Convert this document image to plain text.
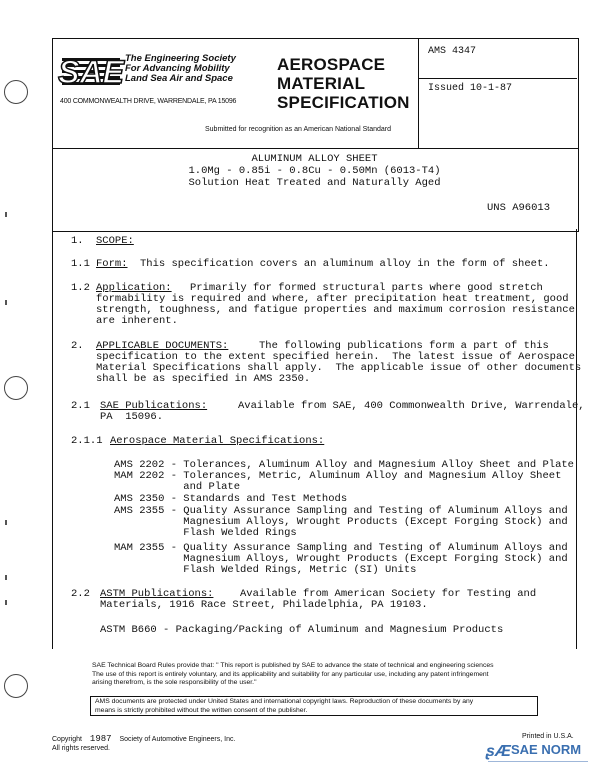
SAE The Engineering Society
For Advancing Mobility
Land Sea Air and Space
400 COMMONWEALTH DRIVE, WARRENDALE, PA 15096
AEROSPACE
MATERIAL
SPECIFICATION
AMS 4347
Issued 10-1-87
Submitted for recognition as an American National Standard
ALUMINUM ALLOY SHEET
1.0Mg - 0.85i - 0.8Cu - 0.50Mn (6013-T4)
Solution Heat Treated and Naturally Aged
UNS A96013
1. SCOPE:
1.1 Form: This specification covers an aluminum alloy in the form of sheet.
1.2 Application: Primarily for formed structural parts where good stretch
formability is required and where, after precipitation heat treatment, good
strength, toughness, and fatigue properties and maximum corrosion resistance
are inherent.
2. APPLICABLE DOCUMENTS:	The following publications form a part of this
specification to the extent specified herein.  The latest issue of Aerospace
Material Specifications shall apply.  The applicable issue of other documents
shall be as specified in AMS 2350.
2.1 SAE Publications:	Available from SAE, 400 Commonwealth Drive, Warrendale,
PA  15096.
2.1.1 Aerospace Material Specifications:
AMS 2202 - Tolerances, Aluminum Alloy and Magnesium Alloy Sheet and Plate
MAM 2202 - Tolerances, Metric, Aluminum Alloy and Magnesium Alloy Sheet
and Plate
AMS 2350 - Standards and Test Methods
AMS 2355 - Quality Assurance Sampling and Testing of Aluminum Alloys and
Magnesium Alloys, Wrought Products (Except Forging Stock) and
Flash Welded Rings
MAM 2355 - Quality Assurance Sampling and Testing of Aluminum Alloys and
Magnesium Alloys, Wrought Products (Except Forging Stock) and
Flash Welded Rings, Metric (SI) Units
2.2 ASTM Publications:	Available from American Society for Testing and
Materials, 1916 Race Street, Philadelphia, PA 19103.
ASTM B660 - Packaging/Packing of Aluminum and Magnesium Products
SAE Technical Board Rules provide that: " This report is published by SAE to advance the state of technical and engineering sciences
The use of this report is entirely voluntary, and its applicability and suitability for any particular use, including any patent infringement
arising therefrom, is the sole responsibility of the user."
AMS documents are protected under United States and international copyright laws. Reproduction of these documents by any
means is strictly prohibited without the written consent of the publisher.
Copyright 1987 Society of Automotive Engineers, Inc.
All rights reserved.
Printed in U.S.A.
ʂÆ SAE NORM
